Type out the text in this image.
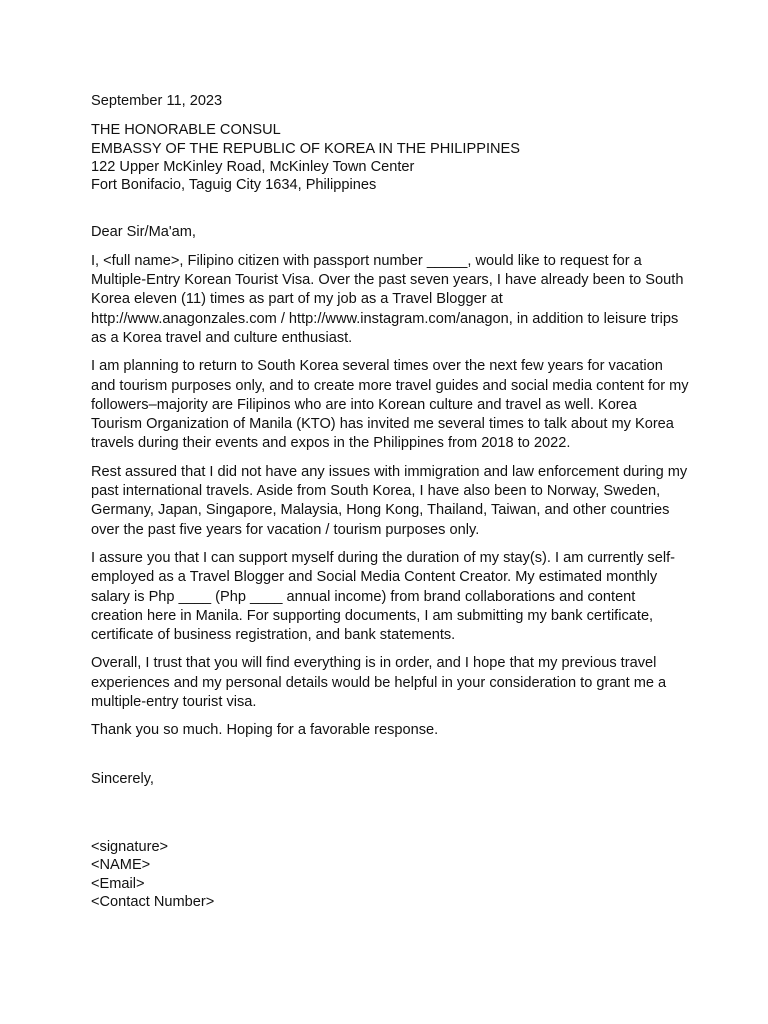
September 11, 2023
THE HONORABLE CONSUL
EMBASSY OF THE REPUBLIC OF KOREA IN THE PHILIPPINES
122 Upper McKinley Road, McKinley Town Center
Fort Bonifacio, Taguig City 1634, Philippines
Dear Sir/Ma'am,
I, <full name>, Filipino citizen with passport number _____, would like to request for a Multiple-Entry Korean Tourist Visa. Over the past seven years, I have already been to South Korea eleven (11) times as part of my job as a Travel Blogger at http://www.anagonzales.com / http://www.instagram.com/anagon, in addition to leisure trips as a Korea travel and culture enthusiast.
I am planning to return to South Korea several times over the next few years for vacation and tourism purposes only, and to create more travel guides and social media content for my followers–majority are Filipinos who are into Korean culture and travel as well. Korea Tourism Organization of Manila (KTO) has invited me several times to talk about my Korea travels during their events and expos in the Philippines from 2018 to 2022.
Rest assured that I did not have any issues with immigration and law enforcement during my past international travels. Aside from South Korea, I have also been to Norway, Sweden, Germany, Japan, Singapore, Malaysia, Hong Kong, Thailand, Taiwan, and other countries over the past five years for vacation / tourism purposes only.
I assure you that I can support myself during the duration of my stay(s). I am currently self-employed as a Travel Blogger and Social Media Content Creator. My estimated monthly salary is Php ____ (Php ____ annual income) from brand collaborations and content creation here in Manila. For supporting documents, I am submitting my bank certificate, certificate of business registration, and bank statements.
Overall, I trust that you will find everything is in order, and I hope that my previous travel experiences and my personal details would be helpful in your consideration to grant me a multiple-entry tourist visa.
Thank you so much. Hoping for a favorable response.
Sincerely,
<signature>
<NAME>
<Email>
<Contact Number>
